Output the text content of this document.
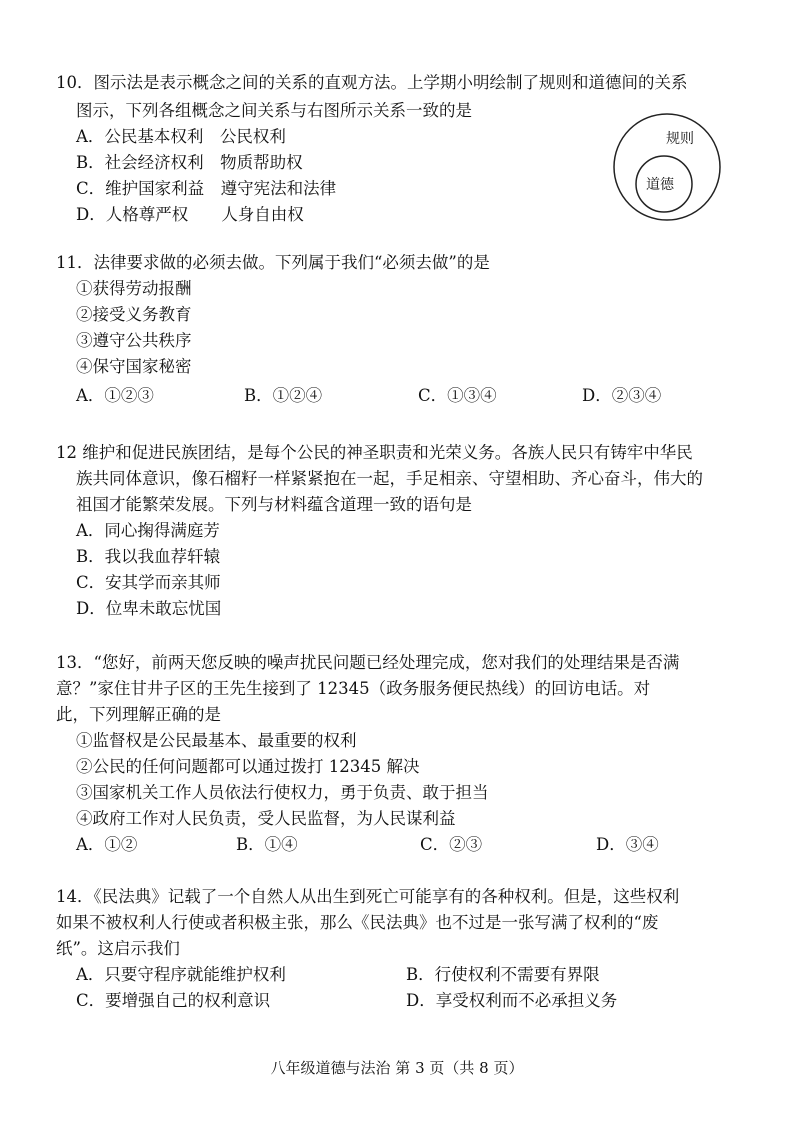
10．图示法是表示概念之间的关系的直观方法。上学期小明绘制了规则和道德间的关系
图示，下列各组概念之间关系与右图所示关系一致的是
A．公民基本权利　公民权利
B．社会经济权利　物质帮助权
C．维护国家利益　遵守宪法和法律
D．人格尊严权　　人身自由权
规则
道德
11．法律要求做的必须去做。下列属于我们“必须去做”的是
①获得劳动报酬
②接受义务教育
③遵守公共秩序
④保守国家秘密
A．①②③	B．①②④	C．①③④	D．②③④
12 维护和促进民族团结，是每个公民的神圣职责和光荣义务。各族人民只有铸牢中华民
族共同体意识，像石榴籽一样紧紧抱在一起，手足相亲、守望相助、齐心奋斗，伟大的
祖国才能繁荣发展。下列与材料蕴含道理一致的语句是
A．同心掬得满庭芳
B．我以我血荐轩辕
C．安其学而亲其师
D．位卑未敢忘忧国
13．“您好，前两天您反映的噪声扰民问题已经处理完成，您对我们的处理结果是否满
意？”家住甘井子区的王先生接到了 12345（政务服务便民热线）的回访电话。对
此，下列理解正确的是
①监督权是公民最基本、最重要的权利
②公民的任何问题都可以通过拨打 12345 解决
③国家机关工作人员依法行使权力，勇于负责、敢于担当
④政府工作对人民负责，受人民监督，为人民谋利益
A．①②	B．①④	C．②③	D．③④
14．《民法典》记载了一个自然人从出生到死亡可能享有的各种权利。但是，这些权利
如果不被权利人行使或者积极主张，那么《民法典》也不过是一张写满了权利的“废
纸”。这启示我们
A．只要守程序就能维护权利	B．行使权利不需要有界限
C．要增强自己的权利意识	D．享受权利而不必承担义务
八年级道德与法治 第 3 页（共 8 页）
